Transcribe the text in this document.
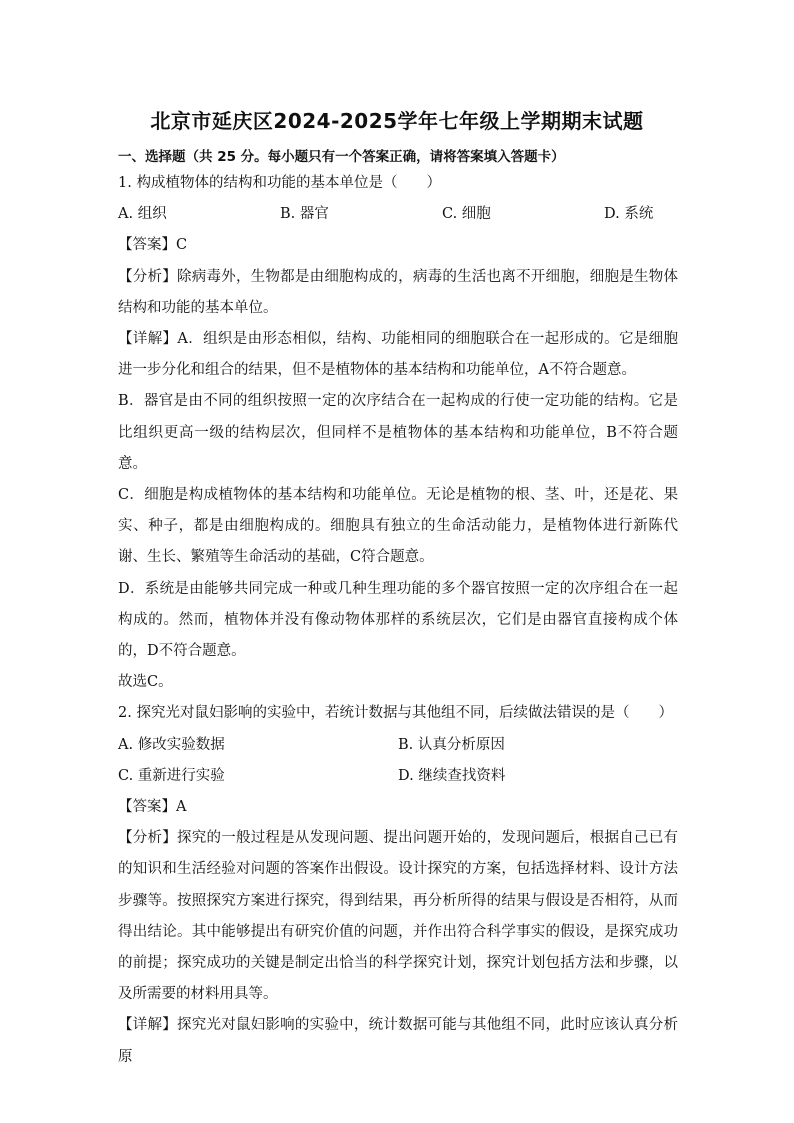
北京市延庆区2024-2025学年七年级上学期期末试题
一、选择题（共 25 分。每小题只有一个答案正确，请将答案填入答题卡）
1. 构成植物体的结构和功能的基本单位是（　　）
A. 组织	B. 器官	C. 细胞	D. 系统
【答案】C
【分析】除病毒外，生物都是由细胞构成的，病毒的生活也离不开细胞，细胞是生物体结构和功能的基本单位。
【详解】A．组织是由形态相似，结构、功能相同的细胞联合在一起形成的。它是细胞进一步分化和组合的结果，但不是植物体的基本结构和功能单位，A不符合题意。
B．器官是由不同的组织按照一定的次序结合在一起构成的行使一定功能的结构。它是比组织更高一级的结构层次，但同样不是植物体的基本结构和功能单位，B不符合题意。
C．细胞是构成植物体的基本结构和功能单位。无论是植物的根、茎、叶，还是花、果实、种子，都是由细胞构成的。细胞具有独立的生命活动能力，是植物体进行新陈代谢、生长、繁殖等生命活动的基础，C符合题意。
D．系统是由能够共同完成一种或几种生理功能的多个器官按照一定的次序组合在一起构成的。然而，植物体并没有像动物体那样的系统层次，它们是由器官直接构成个体的，D不符合题意。
故选C。
2. 探究光对鼠妇影响的实验中，若统计数据与其他组不同，后续做法错误的是（　　）
A. 修改实验数据	B. 认真分析原因
C. 重新进行实验	D. 继续查找资料
【答案】A
【分析】探究的一般过程是从发现问题、提出问题开始的，发现问题后，根据自己已有的知识和生活经验对问题的答案作出假设。设计探究的方案，包括选择材料、设计方法步骤等。按照探究方案进行探究，得到结果，再分析所得的结果与假设是否相符，从而得出结论。其中能够提出有研究价值的问题，并作出符合科学事实的假设，是探究成功的前提；探究成功的关键是制定出恰当的科学探究计划，探究计划包括方法和步骤，以及所需要的材料用具等。
【详解】探究光对鼠妇影响的实验中，统计数据可能与其他组不同，此时应该认真分析原
